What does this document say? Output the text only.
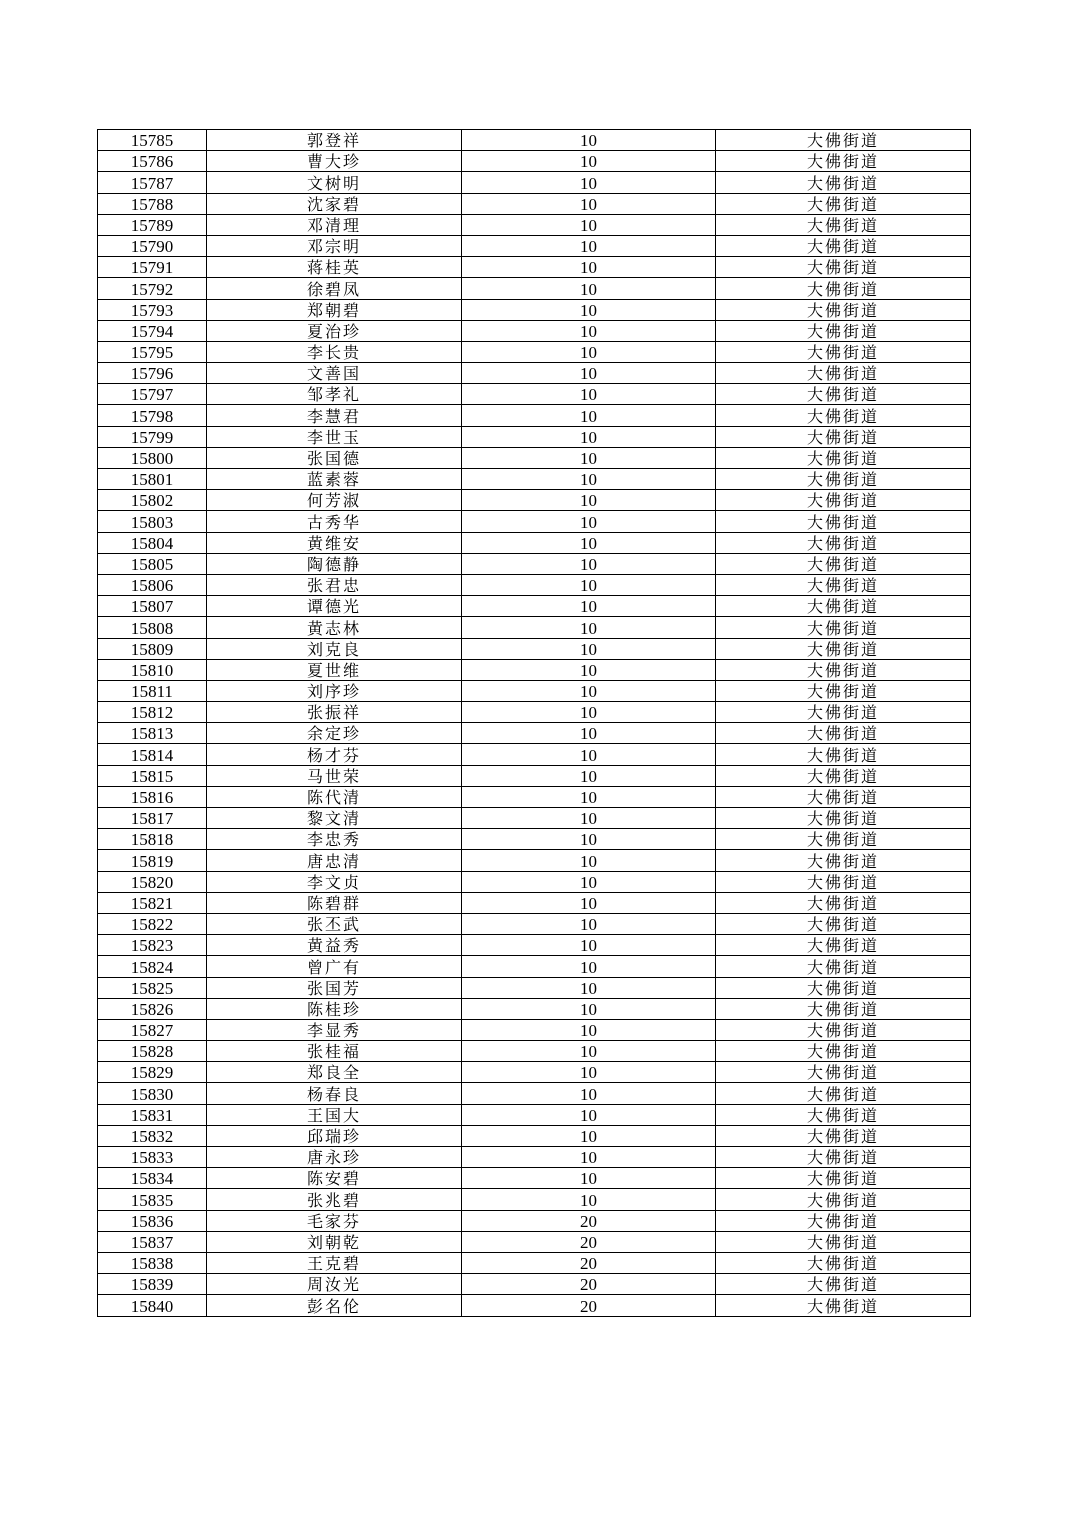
15785	郭登祥	10	大佛街道
15786	曹大珍	10	大佛街道
15787	文树明	10	大佛街道
15788	沈家碧	10	大佛街道
15789	邓清理	10	大佛街道
15790	邓宗明	10	大佛街道
15791	蒋桂英	10	大佛街道
15792	徐碧凤	10	大佛街道
15793	郑朝碧	10	大佛街道
15794	夏治珍	10	大佛街道
15795	李长贵	10	大佛街道
15796	文善国	10	大佛街道
15797	邹孝礼	10	大佛街道
15798	李慧君	10	大佛街道
15799	李世玉	10	大佛街道
15800	张国德	10	大佛街道
15801	蓝素蓉	10	大佛街道
15802	何芳淑	10	大佛街道
15803	古秀华	10	大佛街道
15804	黄维安	10	大佛街道
15805	陶德静	10	大佛街道
15806	张君忠	10	大佛街道
15807	谭德光	10	大佛街道
15808	黄志林	10	大佛街道
15809	刘克良	10	大佛街道
15810	夏世维	10	大佛街道
15811	刘序珍	10	大佛街道
15812	张振祥	10	大佛街道
15813	余定珍	10	大佛街道
15814	杨才芬	10	大佛街道
15815	马世荣	10	大佛街道
15816	陈代清	10	大佛街道
15817	黎文清	10	大佛街道
15818	李忠秀	10	大佛街道
15819	唐忠清	10	大佛街道
15820	李文贞	10	大佛街道
15821	陈碧群	10	大佛街道
15822	张丕武	10	大佛街道
15823	黄益秀	10	大佛街道
15824	曾广有	10	大佛街道
15825	张国芳	10	大佛街道
15826	陈桂珍	10	大佛街道
15827	李显秀	10	大佛街道
15828	张桂福	10	大佛街道
15829	郑良全	10	大佛街道
15830	杨春良	10	大佛街道
15831	王国大	10	大佛街道
15832	邱瑞珍	10	大佛街道
15833	唐永珍	10	大佛街道
15834	陈安碧	10	大佛街道
15835	张兆碧	10	大佛街道
15836	毛家芬	20	大佛街道
15837	刘朝乾	20	大佛街道
15838	王克碧	20	大佛街道
15839	周汝光	20	大佛街道
15840	彭名伦	20	大佛街道
